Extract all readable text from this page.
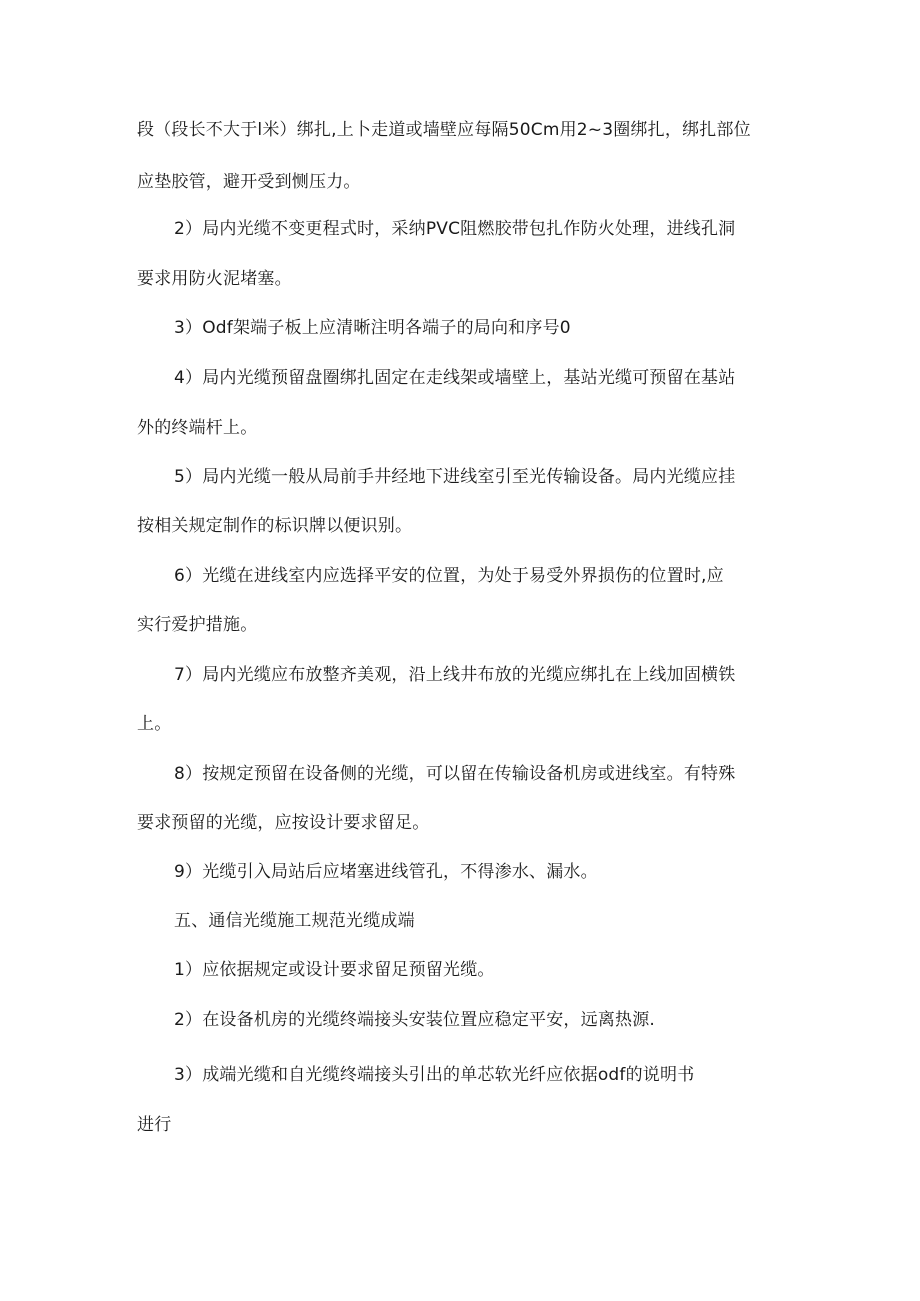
段（段长不大于l米）绑扎,上卜走道或墙壁应每隔50Cm用2~3圈绑扎，绑扎部位
应垫胶管，避开受到恻压力。
2）局内光缆不变更程式时，采纳PVC阻燃胶带包扎作防火处理，进线孔洞
要求用防火泥堵塞。
3）Odf架端子板上应清晰注明各端子的局向和序号0
4）局内光缆预留盘圈绑扎固定在走线架或墙壁上，基站光缆可预留在基站
外的终端杆上。
5）局内光缆一般从局前手井经地下进线室引至光传输设备。局内光缆应挂
按相关规定制作的标识牌以便识别。
6）光缆在进线室内应选择平安的位置，为处于易受外界损伤的位置时,应
实行爱护措施。
7）局内光缆应布放整齐美观，沿上线井布放的光缆应绑扎在上线加固横铁
上。
8）按规定预留在设备侧的光缆，可以留在传输设备机房或进线室。有特殊
要求预留的光缆，应按设计要求留足。
9）光缆引入局站后应堵塞进线管孔，不得渗水、漏水。
五、通信光缆施工规范光缆成端
1）应依据规定或设计要求留足预留光缆。
2）在设备机房的光缆终端接头安装位置应稳定平安，远离热源.
3）成端光缆和自光缆终端接头引出的单芯软光纤应依据odf的说明书
进行
